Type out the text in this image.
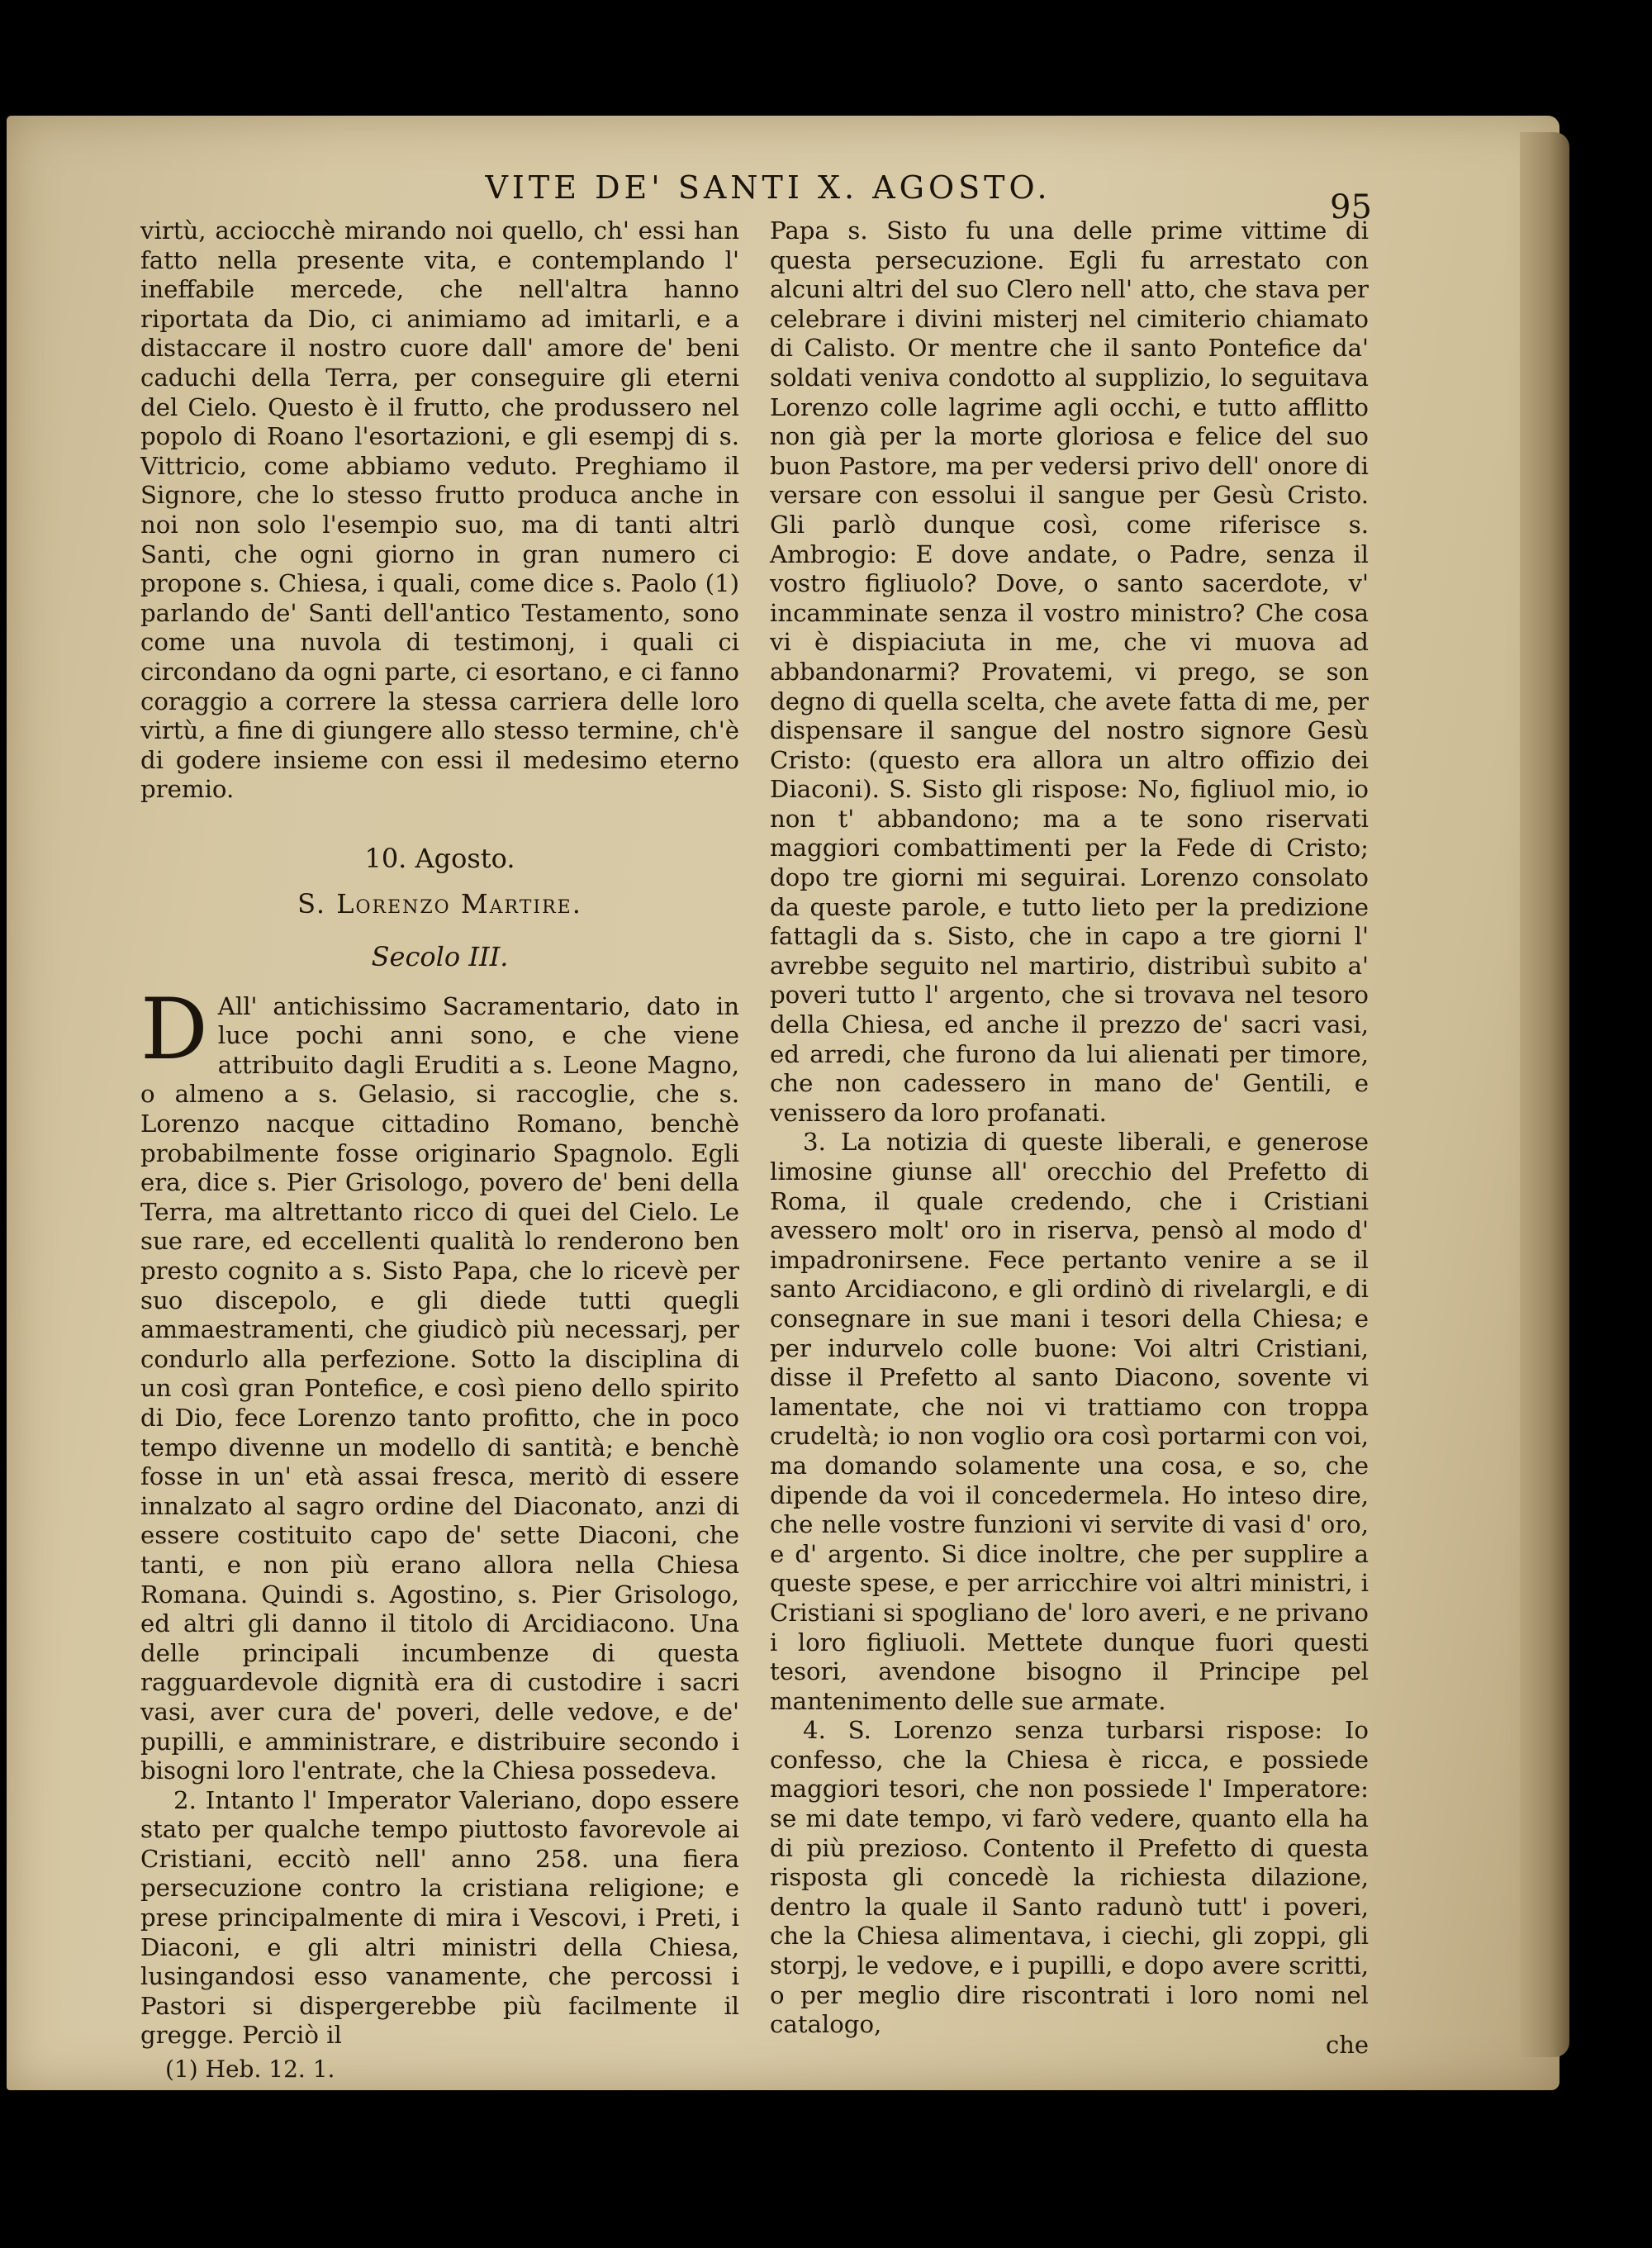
VITE DE' SANTI X. AGOSTO.
95

virtù, acciocchè mirando noi quello, ch' essi han fatto nella presente vita, e contemplando l' ineffabile mercede, che nell'altra hanno riportata da Dio, ci animiamo ad imitarli, e a distaccare il nostro cuore dall' amore de' beni caduchi della Terra, per conseguire gli eterni del Cielo. Questo è il frutto, che produssero nel popolo di Roano l'esortazioni, e gli esempj di s. Vittricio, come abbiamo veduto. Preghiamo il Signore, che lo stesso frutto produca anche in noi non solo l'esempio suo, ma di tanti altri Santi, che ogni giorno in gran numero ci propone s. Chiesa, i quali, come dice s. Paolo (1) parlando de' Santi dell'antico Testamento, sono come una nuvola di testimonj, i quali ci circondano da ogni parte, ci esortano, e ci fanno coraggio a correre la stessa carriera delle loro virtù, a fine di giungere allo stesso termine, ch'è di godere insieme con essi il medesimo eterno premio.

10. Agosto.

S. Lorenzo Martire.

Secolo III.

D All' antichissimo Sacramentario, dato in luce pochi anni sono, e che viene attribuito dagli Eruditi a s. Leone Magno, o almeno a s. Gelasio, si raccoglie, che s. Lorenzo nacque cittadino Romano, benchè probabilmente fosse originario Spagnolo. Egli era, dice s. Pier Grisologo, povero de' beni della Terra, ma altrettanto ricco di quei del Cielo. Le sue rare, ed eccellenti qualità lo renderono ben presto cognito a s. Sisto Papa, che lo ricevè per suo discepolo, e gli diede tutti quegli ammaestramenti, che giudicò più necessarj, per condurlo alla perfezione. Sotto la disciplina di un così gran Pontefice, e così pieno dello spirito di Dio, fece Lorenzo tanto profitto, che in poco tempo divenne un modello di santità; e benchè fosse in un' età assai fresca, meritò di essere innalzato al sagro ordine del Diaconato, anzi di essere costituito capo de' sette Diaconi, che tanti, e non più erano allora nella Chiesa Romana. Quindi s. Agostino, s. Pier Grisologo, ed altri gli danno il titolo di Arcidiacono. Una delle principali incumbenze di questa ragguardevole dignità era di custodire i sacri vasi, aver cura de' poveri, delle vedove, e de' pupilli, e amministrare, e distribuire secondo i bisogni loro l'entrate, che la Chiesa possedeva.

2. Intanto l' Imperator Valeriano, dopo essere stato per qualche tempo piuttosto favorevole ai Cristiani, eccitò nell' anno 258. una fiera persecuzione contro la cristiana religione; e prese principalmente di mira i Vescovi, i Preti, i Diaconi, e gli altri ministri della Chiesa, lusingandosi esso vanamente, che percossi i Pastori si dispergerebbe più facilmente il gregge. Perciò il

Papa s. Sisto fu una delle prime vittime di questa persecuzione. Egli fu arrestato con alcuni altri del suo Clero nell' atto, che stava per celebrare i divini misterj nel cimiterio chiamato di Calisto. Or mentre che il santo Pontefice da' soldati veniva condotto al supplizio, lo seguitava Lorenzo colle lagrime agli occhi, e tutto afflitto non già per la morte gloriosa e felice del suo buon Pastore, ma per vedersi privo dell' onore di versare con essolui il sangue per Gesù Cristo. Gli parlò dunque così, come riferisce s. Ambrogio: E dove andate, o Padre, senza il vostro figliuolo? Dove, o santo sacerdote, v' incamminate senza il vostro ministro? Che cosa vi è dispiaciuta in me, che vi muova ad abbandonarmi? Provatemi, vi prego, se son degno di quella scelta, che avete fatta di me, per dispensare il sangue del nostro signore Gesù Cristo: (questo era allora un altro offizio dei Diaconi). S. Sisto gli rispose: No, figliuol mio, io non t' abbandono; ma a te sono riservati maggiori combattimenti per la Fede di Cristo; dopo tre giorni mi seguirai. Lorenzo consolato da queste parole, e tutto lieto per la predizione fattagli da s. Sisto, che in capo a tre giorni l' avrebbe seguito nel martirio, distribuì subito a' poveri tutto l' argento, che si trovava nel tesoro della Chiesa, ed anche il prezzo de' sacri vasi, ed arredi, che furono da lui alienati per timore, che non cadessero in mano de' Gentili, e venissero da loro profanati.

3. La notizia di queste liberali, e generose limosine giunse all' orecchio del Prefetto di Roma, il quale credendo, che i Cristiani avessero molt' oro in riserva, pensò al modo d' impadronirsene. Fece pertanto venire a se il santo Arcidiacono, e gli ordinò di rivelargli, e di consegnare in sue mani i tesori della Chiesa; e per indurvelo colle buone: Voi altri Cristiani, disse il Prefetto al santo Diacono, sovente vi lamentate, che noi vi trattiamo con troppa crudeltà; io non voglio ora così portarmi con voi, ma domando solamente una cosa, e so, che dipende da voi il concedermela. Ho inteso dire, che nelle vostre funzioni vi servite di vasi d' oro, e d' argento. Si dice inoltre, che per supplire a queste spese, e per arricchire voi altri ministri, i Cristiani si spogliano de' loro averi, e ne privano i loro figliuoli. Mettete dunque fuori questi tesori, avendone bisogno il Principe pel mantenimento delle sue armate.

4. S. Lorenzo senza turbarsi rispose: Io confesso, che la Chiesa è ricca, e possiede maggiori tesori, che non possiede l' Imperatore: se mi date tempo, vi farò vedere, quanto ella ha di più prezioso. Contento il Prefetto di questa risposta gli concedè la richiesta dilazione, dentro la quale il Santo radunò tutt' i poveri, che la Chiesa alimentava, i ciechi, gli zoppi, gli storpj, le vedove, e i pupilli, e dopo avere scritti, o per meglio dire riscontrati i loro nomi nel catalogo,

(1) Heb. 12. 1.
che
